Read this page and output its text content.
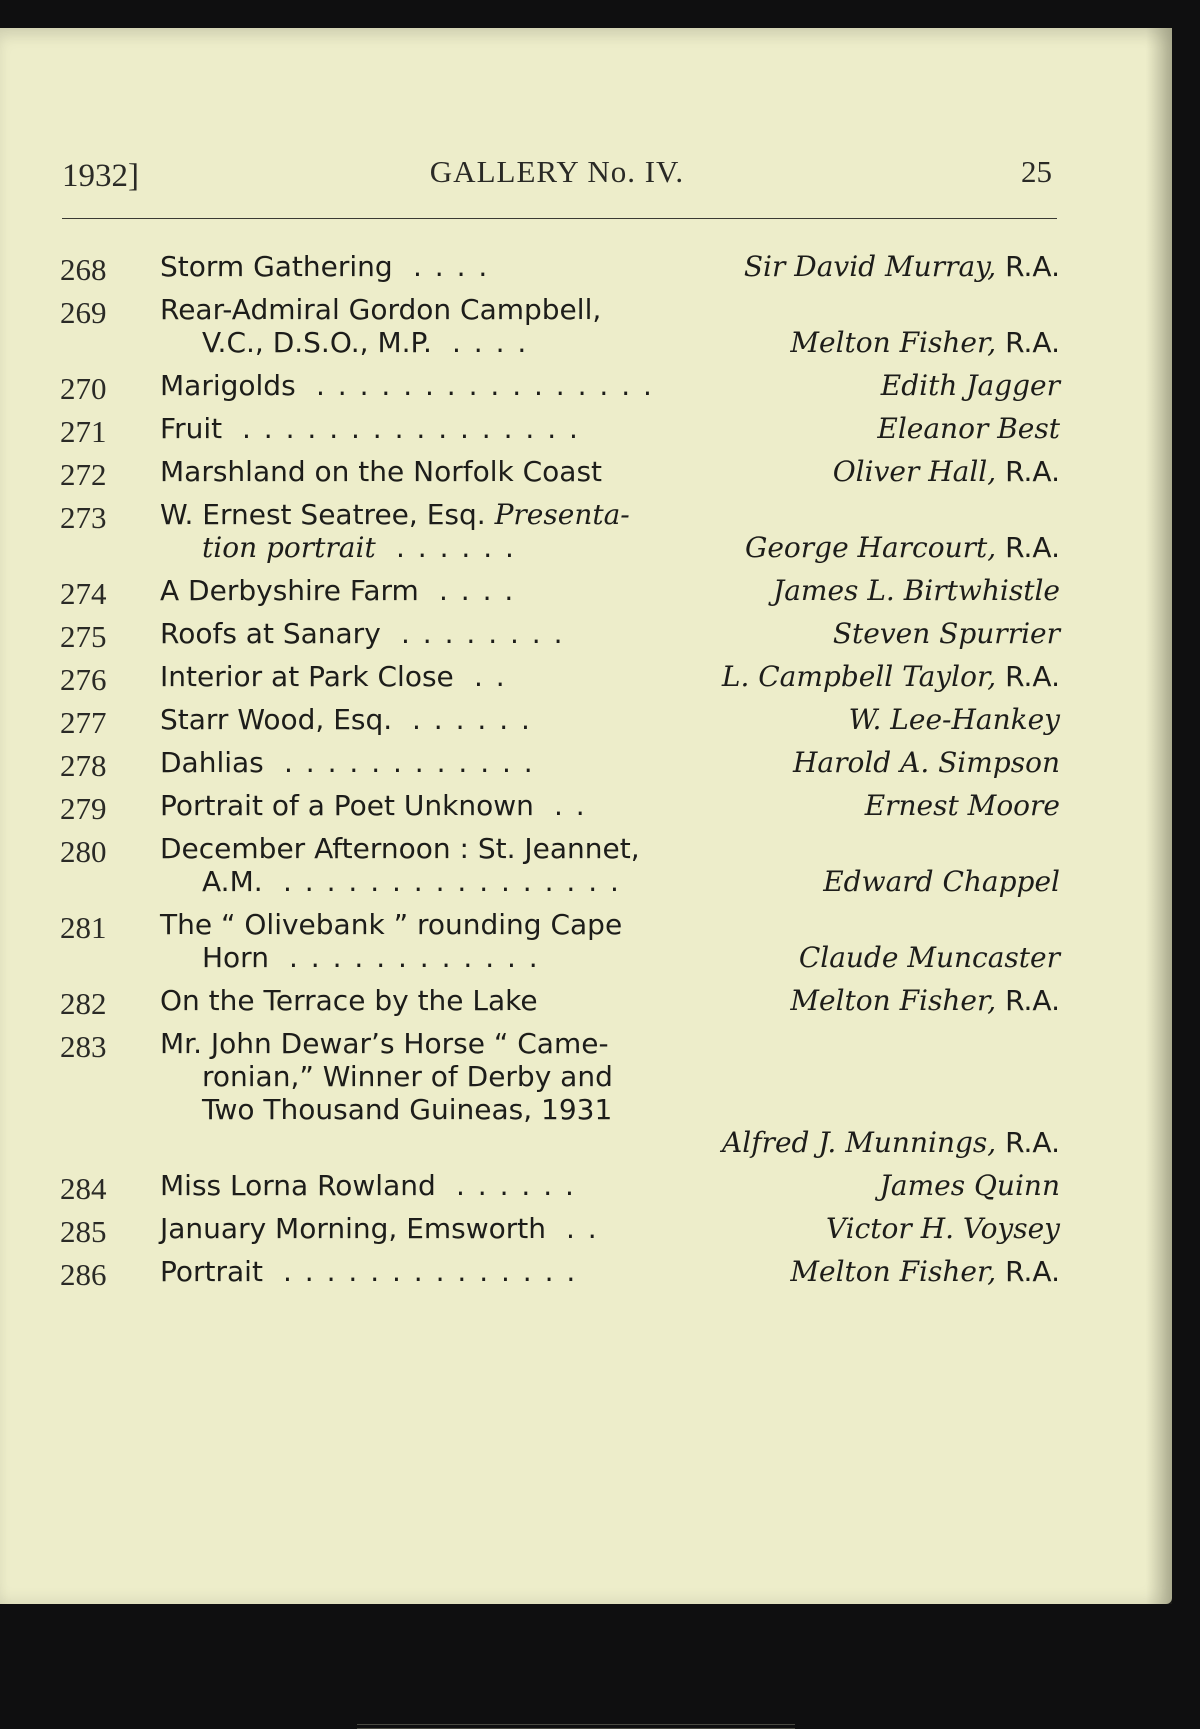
1932]	GALLERY No. IV.	25
268	Storm Gathering . . . .	Sir David Murray, R.A.
269	Rear-Admiral Gordon Campbell,
V.C., D.S.O., M.P. . . . .	Melton Fisher, R.A.
270	Marigolds . . . . . . . . . . . . . . . .	Edith Jagger
271	Fruit . . . . . . . . . . . . . . . .	Eleanor Best
272	Marshland on the Norfolk Coast	Oliver Hall, R.A.
273	W. Ernest Seatree, Esq. Presenta-
tion portrait . . . . . .	George Harcourt, R.A.
274	A Derbyshire Farm . . . .	James L. Birtwhistle
275	Roofs at Sanary . . . . . . . .	Steven Spurrier
276	Interior at Park Close . .	L. Campbell Taylor, R.A.
277	Starr Wood, Esq. . . . . . .	W. Lee-Hankey
278	Dahlias . . . . . . . . . . . .	Harold A. Simpson
279	Portrait of a Poet Unknown . .	Ernest Moore
280	December Afternoon : St. Jeannet,
A.M. . . . . . . . . . . . . . . . .	Edward Chappel
281	The “ Olivebank ” rounding Cape
Horn . . . . . . . . . . . .	Claude Muncaster
282	On the Terrace by the Lake	Melton Fisher, R.A.
283	Mr. John Dewar’s Horse “ Came-
ronian,” Winner of Derby and
Two Thousand Guineas, 1931
Alfred J. Munnings, R.A.
284	Miss Lorna Rowland . . . . . .	James Quinn
285	January Morning, Emsworth . .	Victor H. Voysey
286	Portrait . . . . . . . . . . . . . .	Melton Fisher, R.A.
